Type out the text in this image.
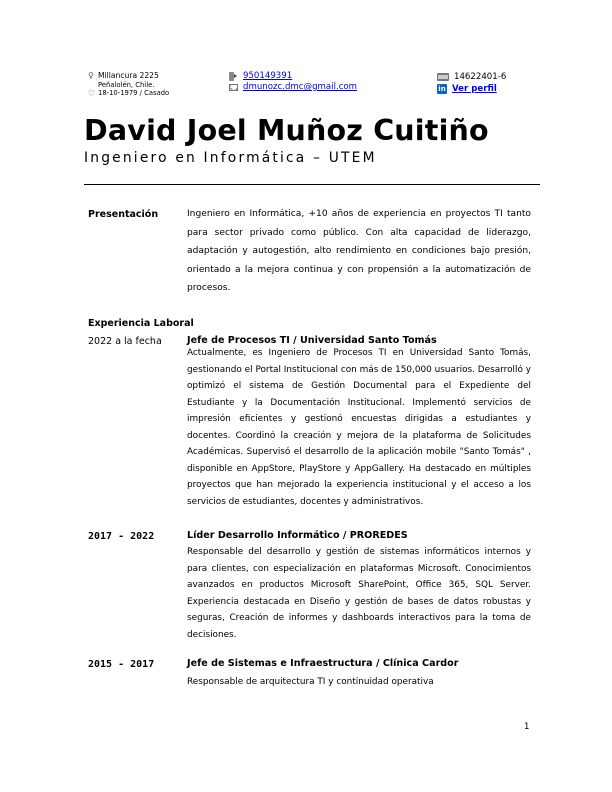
♀ Millancura 2225
Peñalolén, Chile.
♡ 18-10-1979 / Casado
950149391
dmunozc.dmc@gmail.com
14622401-6
in Ver perfil
David Joel Muñoz Cuitiño
Ingeniero en Informática – UTEM
Presentación	Ingeniero en Informática, +10 años de experiencia en proyectos TI tanto para sector privado como público. Con alta capacidad de liderazgo, adaptación y autogestión, alto rendimiento en condiciones bajo presión, orientado a la mejora continua y con propensión a la automatización de procesos.
Experiencia Laboral
2022 a la fecha	Jefe de Procesos TI / Universidad Santo Tomás
Actualmente, es Ingeniero de Procesos TI en Universidad Santo Tomás, gestionando el Portal Institucional con más de 150,000 usuarios. Desarrolló y optimizó el sistema de Gestión Documental para el Expediente del Estudiante y la Documentación Institucional. Implementó servicios de impresión eficientes y gestionó encuestas dirigidas a estudiantes y docentes. Coordinó la creación y mejora de la plataforma de Solicitudes Académicas. Supervisó el desarrollo de la aplicación mobile "Santo Tomás" , disponible en AppStore, PlayStore y AppGallery. Ha destacado en múltiples proyectos que han mejorado la experiencia institucional y el acceso a los servicios de estudiantes, docentes y administrativos.
2017 - 2022	Líder Desarrollo Informático / PROREDES
Responsable del desarrollo y gestión de sistemas informáticos internos y para clientes, con especialización en plataformas Microsoft. Conocimientos avanzados en productos Microsoft SharePoint, Office 365, SQL Server. Experiencia destacada en Diseño y gestión de bases de datos robustas y seguras, Creación de informes y dashboards interactivos para la toma de decisiones.
2015 - 2017	Jefe de Sistemas e Infraestructura / Clínica Cardor
Responsable de arquitectura TI y continuidad operativa
1
